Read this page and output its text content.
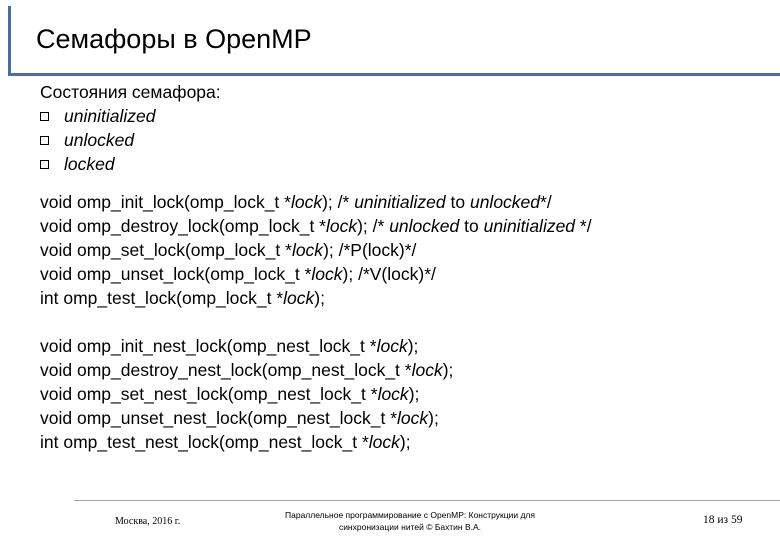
Семафоры в OpenMP
Состояния семафора:
uninitialized
unlocked
locked
void omp_init_lock(omp_lock_t *lock); /* uninitialized to unlocked*/
void omp_destroy_lock(omp_lock_t *lock); /* unlocked to uninitialized */
void omp_set_lock(omp_lock_t *lock); /*P(lock)*/
void omp_unset_lock(omp_lock_t *lock); /*V(lock)*/
int omp_test_lock(omp_lock_t *lock);
void omp_init_nest_lock(omp_nest_lock_t *lock);
void omp_destroy_nest_lock(omp_nest_lock_t *lock);
void omp_set_nest_lock(omp_nest_lock_t *lock);
void omp_unset_nest_lock(omp_nest_lock_t *lock);
int omp_test_nest_lock(omp_nest_lock_t *lock);
Москва, 2016 г.
Параллельное программирование с OpenMP: Конструкции для
синхронизации нитей © Бахтин В.А.
18 из 59
